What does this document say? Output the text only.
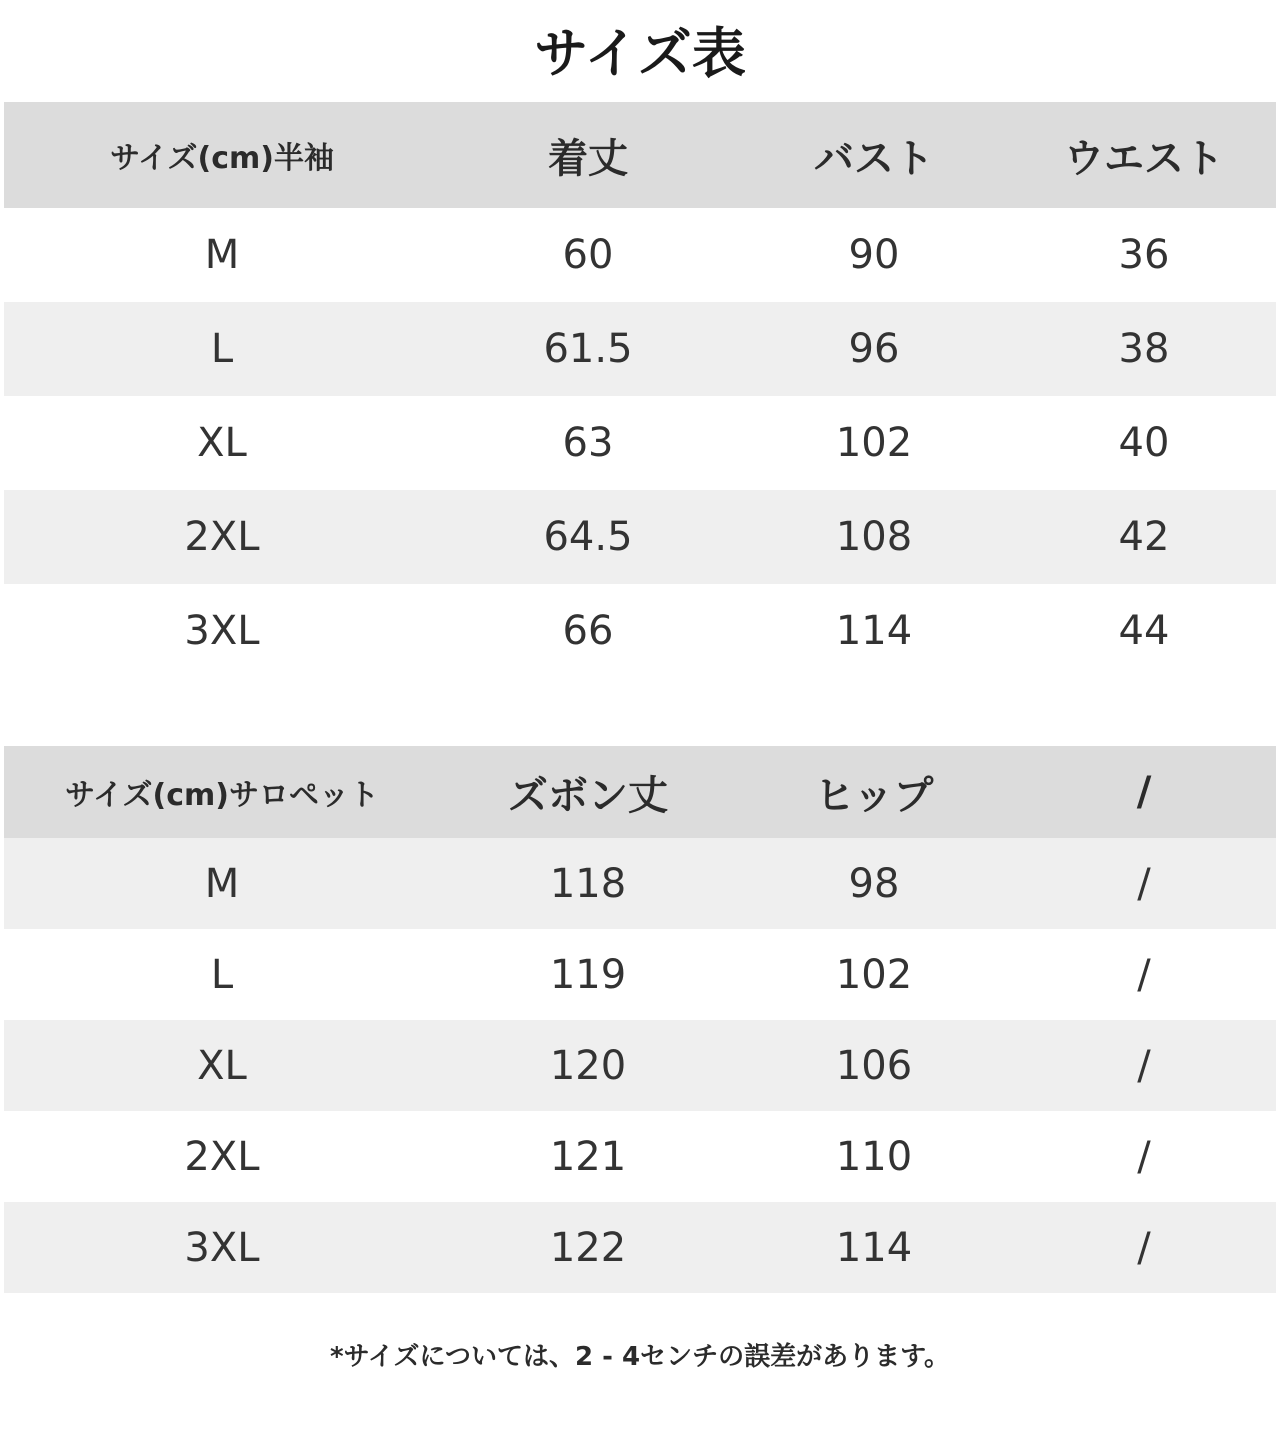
サイズ表
サイズ(cm)半袖	着丈	バスト	ウエスト
M	60	90	36
L	61.5	96	38
XL	63	102	40
2XL	64.5	108	42
3XL	66	114	44
サイズ(cm)サロペット	ズボン丈	ヒップ	/
M	118	98	/
L	119	102	/
XL	120	106	/
2XL	121	110	/
3XL	122	114	/
*サイズについては、2 - 4センチの誤差があります。
